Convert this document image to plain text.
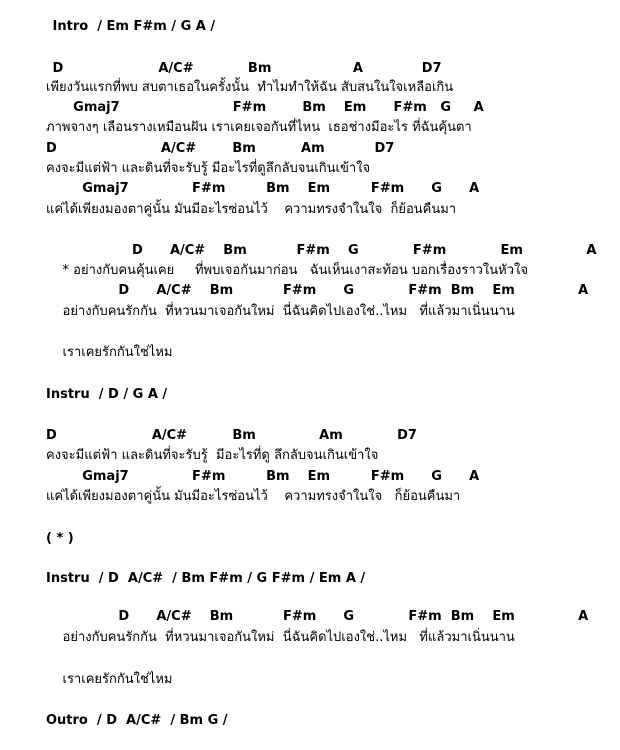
Intro  / Em F#m / G A /
D                     A/C#            Bm                  A             D7
เพียงวันแรกที่พบ สบตาเธอในครั้งนั้น  ทำไมทำให้ฉัน สับสนในใจเหลือเกิน
Gmaj7                         F#m        Bm    Em      F#m   G     A
ภาพจางๆ เลือนรางเหมือนฝัน เราเคยเจอกันที่ไหน  เธอช่างมีอะไร ที่ฉันคุ้นตา
D                       A/C#        Bm          Am           D7
คงจะมีแต่ฟ้า และดินที่จะรับรู้ มีอะไรที่ดูลึกลับจนเกินเข้าใจ
Gmaj7              F#m         Bm    Em         F#m      G      A
แค่ได้เพียงมองตาคู่นั้น มันมีอะไรซ่อนไว้    ความทรงจำในใจ  ก็ย้อนคืนมา
D      A/C#    Bm           F#m    G            F#m            Em              A
* อย่างกับคนคุ้นเคย     ที่พบเจอกันมาก่อน   ฉันเห็นเงาสะท้อน บอกเรื่องราวในหัวใจ
D      A/C#    Bm           F#m      G            F#m  Bm    Em              A
อย่างกับคนรักกัน  ที่หวนมาเจอกันใหม่  นี่ฉันคิดไปเองใช่..ไหม   ที่แล้วมาเนิ่นนาน
เราเคยรักกันใช่ไหม
Instru  / D / G A /
D                     A/C#          Bm              Am            D7
คงจะมีแต่ฟ้า และดินที่จะรับรู้  มีอะไรที่ดู ลึกลับจนเกินเข้าใจ
Gmaj7              F#m         Bm    Em         F#m      G      A
แค่ได้เพียงมองตาคู่นั้น มันมีอะไรซ่อนไว้    ความทรงจำในใจ   ก็ย้อนคืนมา
( * )
Instru  / D  A/C#  / Bm F#m / G F#m / Em A /
D      A/C#    Bm           F#m      G            F#m  Bm    Em              A
อย่างกับคนรักกัน  ที่หวนมาเจอกันใหม่  นี่ฉันคิดไปเองใช่..ไหม   ที่แล้วมาเนิ่นนาน
เราเคยรักกันใช่ไหม
Outro  / D  A/C#  / Bm G /
